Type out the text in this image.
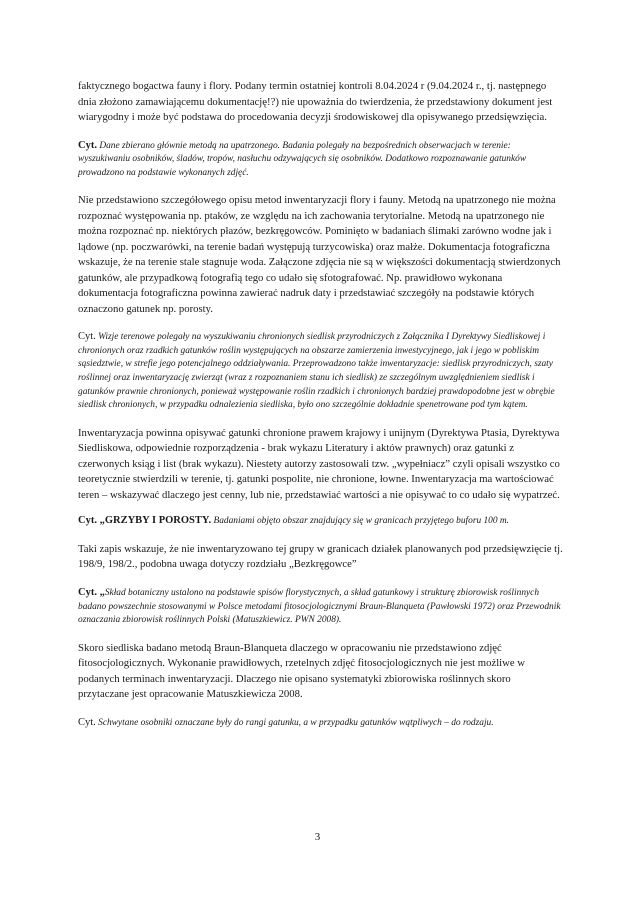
faktycznego bogactwa fauny i flory. Podany termin ostatniej kontroli 8.04.2024 r (9.04.2024 r., tj. następnego dnia złożono zamawiającemu dokumentację!?) nie upoważnia do twierdzenia, że przedstawiony dokument jest wiarygodny i może być podstawa do procedowania decyzji środowiskowej dla opisywanego przedsięwzięcia.

Cyt. Dane zbierano głównie metodą na upatrzonego. Badania polegały na bezpośrednich obserwacjach w terenie: wyszukiwaniu osobników, śladów, tropów, nasłuchu odzywających się osobników. Dodatkowo rozpoznawanie gatunków prowadzono na podstawie wykonanych zdjęć.

Nie przedstawiono szczegółowego opisu metod inwentaryzacji flory i fauny. Metodą na upatrzonego nie można rozpoznać występowania np. ptaków, ze względu na ich zachowania terytorialne. Metodą na upatrzonego nie można rozpoznać np. niektórych płazów, bezkręgowców. Pominięto w badaniach ślimaki zarówno wodne jak i lądowe (np. poczwarówki, na terenie badań występują turzycowiska) oraz małże. Dokumentacja fotograficzna wskazuje, że na terenie stale stagnuje woda. Załączone zdjęcia nie są w większości dokumentacją stwierdzonych gatunków, ale przypadkową fotografią tego co udało się sfotografować. Np. prawidłowo wykonana dokumentacja fotograficzna powinna zawierać nadruk daty i przedstawiać szczegóły na podstawie których oznaczono gatunek np. porosty.

Cyt. Wizje terenowe polegały na wyszukiwaniu chronionych siedlisk przyrodniczych z Załącznika I Dyrektywy Siedliskowej i chronionych oraz rzadkich gatunków roślin występujących na obszarze zamierzenia inwestycyjnego, jak i jego w pobliskim sąsiedztwie, w strefie jego potencjalnego oddziaływania. Przeprowadzono także inwentaryzacje: siedlisk przyrodniczych, szaty roślinnej oraz inwentaryzację zwierząt (wraz z rozpoznaniem stanu ich siedlisk) ze szczególnym uwzględnieniem siedlisk i gatunków prawnie chronionych, ponieważ występowanie roślin rzadkich i chronionych bardziej prawdopodobne jest w obrębie siedlisk chronionych, w przypadku odnalezienia siedliska, było ono szczególnie dokładnie spenetrowane pod tym kątem.

Inwentaryzacja powinna opisywać gatunki chronione prawem krajowy i unijnym (Dyrektywa Ptasia, Dyrektywa Siedliskowa, odpowiednie rozporządzenia - brak wykazu Literatury i aktów prawnych) oraz gatunki z czerwonych ksiąg i list (brak wykazu). Niestety autorzy zastosowali tzw. „wypełniacz” czyli opisali wszystko co teoretycznie stwierdzili w terenie, tj. gatunki pospolite, nie chronione, łowne. Inwentaryzacja ma wartościować teren – wskazywać dlaczego jest cenny, lub nie, przedstawiać wartości a nie opisywać to co udało się wypatrzeć.

Cyt. „GRZYBY I POROSTY. Badaniami objęto obszar znajdujący się w granicach przyjętego buforu 100 m.

Taki zapis wskazuje, że nie inwentaryzowano tej grupy w granicach działek planowanych pod przedsięwzięcie tj. 198/9, 198/2., podobna uwaga dotyczy rozdziału „Bezkręgowce”

Cyt. „Skład botaniczny ustalono na podstawie spisów florystycznych, a skład gatunkowy i strukturę zbiorowisk roślinnych badano powszechnie stosowanymi w Polsce metodami fitosocjologicznymi Braun-Blanqueta (Pawłowski 1972) oraz Przewodnik oznaczania zbiorowisk roślinnych Polski (Matuszkiewicz. PWN 2008).

Skoro siedliska badano metodą Braun-Blanqueta dlaczego w opracowaniu nie przedstawiono zdjęć fitosocjologicznych. Wykonanie prawidłowych, rzetelnych zdjęć fitosocjologicznych nie jest możliwe w podanych terminach inwentaryzacji. Dlaczego nie opisano systematyki zbiorowiska roślinnych skoro przytaczane jest opracowanie Matuszkiewicza 2008.

Cyt. Schwytane osobniki oznaczane były do rangi gatunku, a w przypadku gatunków wątpliwych – do rodzaju.

3
